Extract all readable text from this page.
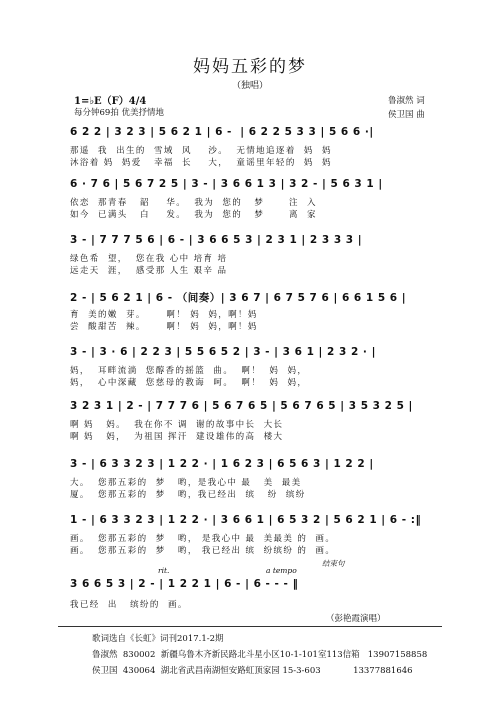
妈妈五彩的梦
（独唱）
1=♭E（F）4/4
每分钟69拍 优美抒情地
鲁淑然 词
侯卫国 曲
6 2 2 | 3 2 3 | 5 6 2 1 | 6 -  | 6 2 2 5 3 3 | 5 6 6 ·|
那遥  我  出生的  雪域  风    沙。  无情地追逐着  妈  妈
沐浴着 妈  妈爱   幸福  长    大，  童谣里年轻的  妈  妈
6 · 7 6 | 5 6 7 2 5 | 3 - | 3 6 6 1 3 | 3 2 - | 5 6 3 1 |
依恋  那青春   韶    华。  我为  您的   梦      注  入
如今  已满头   白    发。  我为  您的   梦      离  家
3 - | 7 7 7 5 6 | 6 - | 3 6 6 5 3 | 2 3 1 | 2 3 3 3 |
绿色希  望，  您在我 心中 培育 培
远走天  涯，  感受那 人生 艰辛 品
2 - | 5 6 2 1 | 6 - （间奏）| 3 6 7 | 6 7 5 7 6 | 6 6 1 5 6 |
育  美的嫩  芽。     啊！ 妈  妈，啊！妈
尝  酸甜苦  辣。     啊！ 妈  妈，啊！妈
3 - | 3 · 6 | 2 2 3 | 5 5 6 5 2 | 3 - | 3 6 1 | 2 3 2 · |
妈，  耳畔流淌  您醇香的摇篮  曲。  啊！  妈  妈，
妈，  心中深藏  您慈母的教诲  呵。  啊！  妈  妈，
3 2 3 1 | 2 - | 7 7 7 6 | 5 6 7 6 5 | 5 6 7 6 5 | 3 5 3 2 5 |
啊 妈   妈。  我在你不 调  谢的故事中长  大长
啊 妈   妈，  为祖国 挥汗  建设雄伟的高  楼大
3 - | 6 3 3 2 3 | 1 2 2 · | 1 6 2 3 | 6 5 6 3 | 1 2 2 |
大。  您那五彩的  梦   哟，是我心中 最   美  最美
厦。  您那五彩的  梦   哟，我已经出  缤   纷  缤纷
1 - | 6 3 3 2 3 | 1 2 2 · | 3 6 6 1 | 6 5 3 2 | 5 6 2 1 | 6 - :‖
画。  您那五彩的  梦   哟， 是我心中 最  美最美 的  画。
画。  您那五彩的  梦   哟， 我已经出 缤  纷缤纷 的  画。
结束句
rit.	a tempo
3 6 6 5 3 | 2 - | 1 2 2 1 | 6 - | 6 - - - ‖
我已经  出   缤纷的  画。
（彭艳霞演唱）
歌词选自《长虹》词刊2017.1-2期
鲁淑然  830002  新疆乌鲁木齐新民路北斗星小区10-1-101室113信箱   13907158858
侯卫国  430064  湖北省武昌南湖恒安路虹顶家园 15-3-603            13377881646
